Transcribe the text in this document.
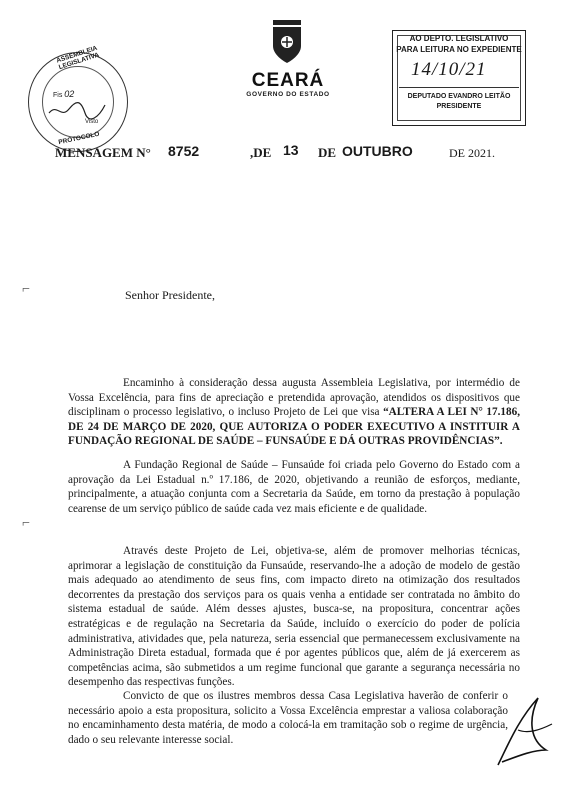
ASSEMBLEIA LEGISLATIVA
Fis 02
Visto
PROTOCOLO
CEARÁ
GOVERNO DO ESTADO
AO DEPTO. LEGISLATIVO
PARA LEITURA NO EXPEDIENTE
14/10/21
DEPUTADO EVANDRO LEITÃO
PRESIDENTE
MENSAGEM N° 8752	,DE 13 DE OUTUBRO	DE 2021.
⌐
⌐
Senhor Presidente,
Encaminho à consideração dessa augusta Assembleia Legislativa, por intermédio de Vossa Excelência, para fins de apreciação e pretendida aprovação, atendidos os dispositivos que disciplinam o processo legislativo, o incluso Projeto de Lei que visa “ALTERA A LEI N° 17.186, DE 24 DE MARÇO DE 2020, QUE AUTORIZA O PODER EXECUTIVO A INSTITUIR A FUNDAÇÃO REGIONAL DE SAÚDE – FUNSAÚDE E DÁ OUTRAS PROVIDÊNCIAS”.
A Fundação Regional de Saúde – Funsaúde foi criada pelo Governo do Estado com a aprovação da Lei Estadual n.º 17.186, de 2020, objetivando a reunião de esforços, mediante, principalmente, a atuação conjunta com a Secretaria da Saúde, em torno da prestação à população cearense de um serviço público de saúde cada vez mais eficiente e de qualidade.
Através deste Projeto de Lei, objetiva-se, além de promover melhorias técnicas, aprimorar a legislação de constituição da Funsaúde, reservando-lhe a adoção de modelo de gestão mais adequado ao atendimento de seus fins, com impacto direto na otimização dos resultados decorrentes da prestação dos serviços para os quais venha a entidade ser contratada no âmbito do sistema estadual de saúde. Além desses ajustes, busca-se, na propositura, concentrar ações estratégicas e de regulação na Secretaria da Saúde, incluído o exercício do poder de polícia administrativa, atividades que, pela natureza, seria essencial que permanecessem exclusivamente na Administração Direta estadual, formada que é por agentes públicos que, além de já exercerem as competências acima, são submetidos a um regime funcional que garante a segurança necessária no desempenho das respectivas funções.
Convicto de que os ilustres membros dessa Casa Legislativa haverão de conferir o necessário apoio a esta propositura, solicito a Vossa Excelência emprestar a valiosa colaboração no encaminhamento desta matéria, de modo a colocá-la em tramitação sob o regime de urgência, dado o seu relevante interesse social.
